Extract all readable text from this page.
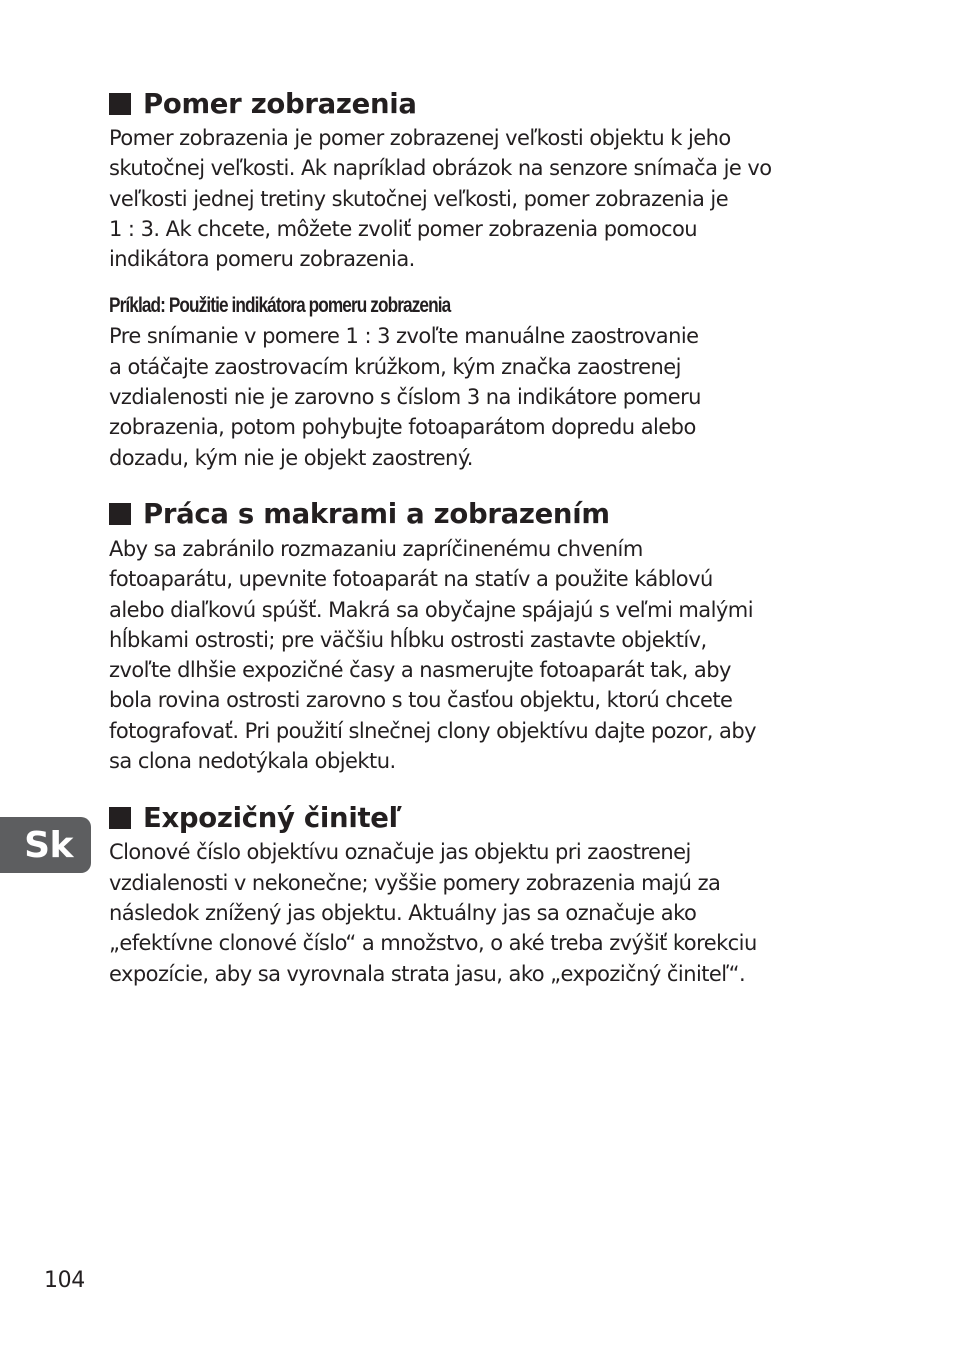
Pomer zobrazenia

Pomer zobrazenia je pomer zobrazenej veľkosti objektu k jeho
skutočnej veľkosti. Ak napríklad obrázok na senzore snímača je vo
veľkosti jednej tretiny skutočnej veľkosti, pomer zobrazenia je
1 : 3. Ak chcete, môžete zvoliť pomer zobrazenia pomocou
indikátora pomeru zobrazenia.

Príklad: Použitie indikátora pomeru zobrazenia

Pre snímanie v pomere 1 : 3 zvoľte manuálne zaostrovanie
a otáčajte zaostrovacím krúžkom, kým značka zaostrenej
vzdialenosti nie je zarovno s číslom 3 na indikátore pomeru
zobrazenia, potom pohybujte fotoaparátom dopredu alebo
dozadu, kým nie je objekt zaostrený.

Práca s makrami a zobrazením

Aby sa zabránilo rozmazaniu zapríčinenému chvením
fotoaparátu, upevnite fotoaparát na statív a použite káblovú
alebo diaľkovú spúšť. Makrá sa obyčajne spájajú s veľmi malými
hĺbkami ostrosti; pre väčšiu hĺbku ostrosti zastavte objektív,
zvoľte dlhšie expozičné časy a nasmerujte fotoaparát tak, aby
bola rovina ostrosti zarovno s tou časťou objektu, ktorú chcete
fotografovať. Pri použití slnečnej clony objektívu dajte pozor, aby
sa clona nedotýkala objektu.

Expozičný činiteľ

Clonové číslo objektívu označuje jas objektu pri zaostrenej
vzdialenosti v nekonečne; vyššie pomery zobrazenia majú za
následok znížený jas objektu. Aktuálny jas sa označuje ako
„efektívne clonové číslo“ a množstvo, o aké treba zvýšiť korekciu
expozície, aby sa vyrovnala strata jasu, ako „expozičný činiteľ“.

Sk
104
